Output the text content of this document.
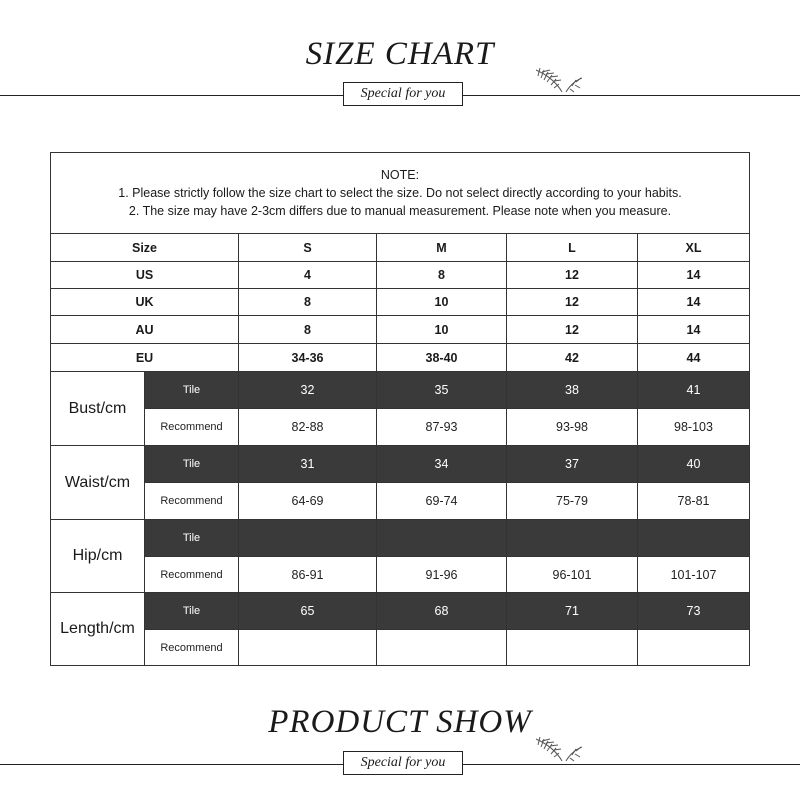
SIZE CHART
Special for you
NOTE:
1. Please strictly follow the size chart to select the size. Do not select directly according to your habits.
2. The size may have 2-3cm differs due to manual measurement. Please note when you measure.
Size	S	M	L	XL
US	4	8	12	14
UK	8	10	12	14
AU	8	10	12	14
EU	34-36	38-40	42	44
Bust/cm
Tile	32	35	38	41
Recommend	82-88	87-93	93-98	98-103
Waist/cm
Tile	31	34	37	40
Recommend	64-69	69-74	75-79	78-81
Hip/cm
Tile
Recommend	86-91	91-96	96-101	101-107
Length/cm
Tile	65	68	71	73
Recommend
PRODUCT SHOW
Special for you
